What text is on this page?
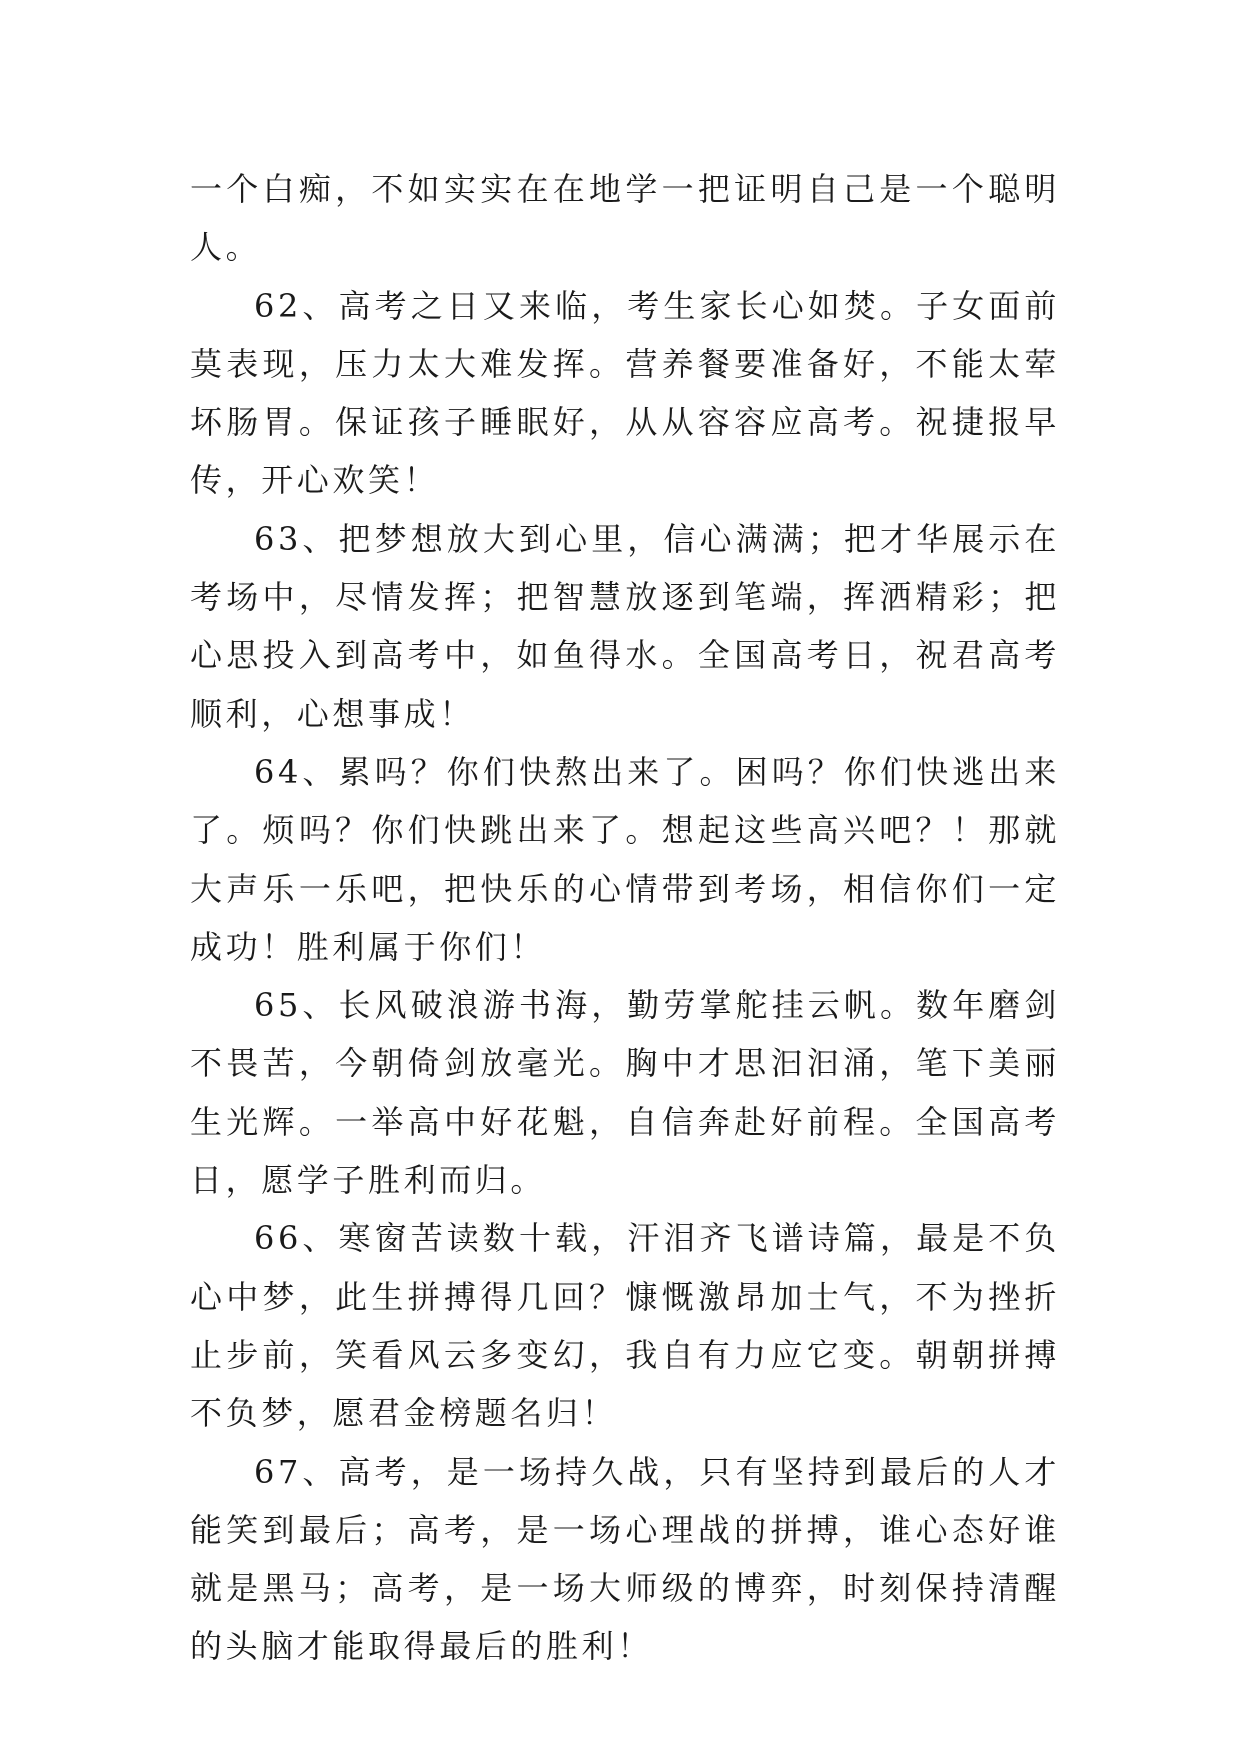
一个白痴，不如实实在在地学一把证明自己是一个聪明人。

62、高考之日又来临，考生家长心如焚。子女面前莫表现，压力太大难发挥。营养餐要准备好，不能太荤坏肠胃。保证孩子睡眠好，从从容容应高考。祝捷报早传，开心欢笑！

63、把梦想放大到心里，信心满满；把才华展示在考场中，尽情发挥；把智慧放逐到笔端，挥洒精彩；把心思投入到高考中，如鱼得水。全国高考日，祝君高考顺利，心想事成！

64、累吗？你们快熬出来了。困吗？你们快逃出来了。烦吗？你们快跳出来了。想起这些高兴吧？！那就大声乐一乐吧，把快乐的心情带到考场，相信你们一定成功！胜利属于你们！

65、长风破浪游书海，勤劳掌舵挂云帆。数年磨剑不畏苦，今朝倚剑放毫光。胸中才思汩汩涌，笔下美丽生光辉。一举高中好花魁，自信奔赴好前程。全国高考日，愿学子胜利而归。

66、寒窗苦读数十载，汗泪齐飞谱诗篇，最是不负心中梦，此生拼搏得几回？慷慨激昂加士气，不为挫折止步前，笑看风云多变幻，我自有力应它变。朝朝拼搏不负梦，愿君金榜题名归！

67、高考，是一场持久战，只有坚持到最后的人才能笑到最后；高考，是一场心理战的拼搏，谁心态好谁就是黑马；高考，是一场大师级的博弈，时刻保持清醒的头脑才能取得最后的胜利！
